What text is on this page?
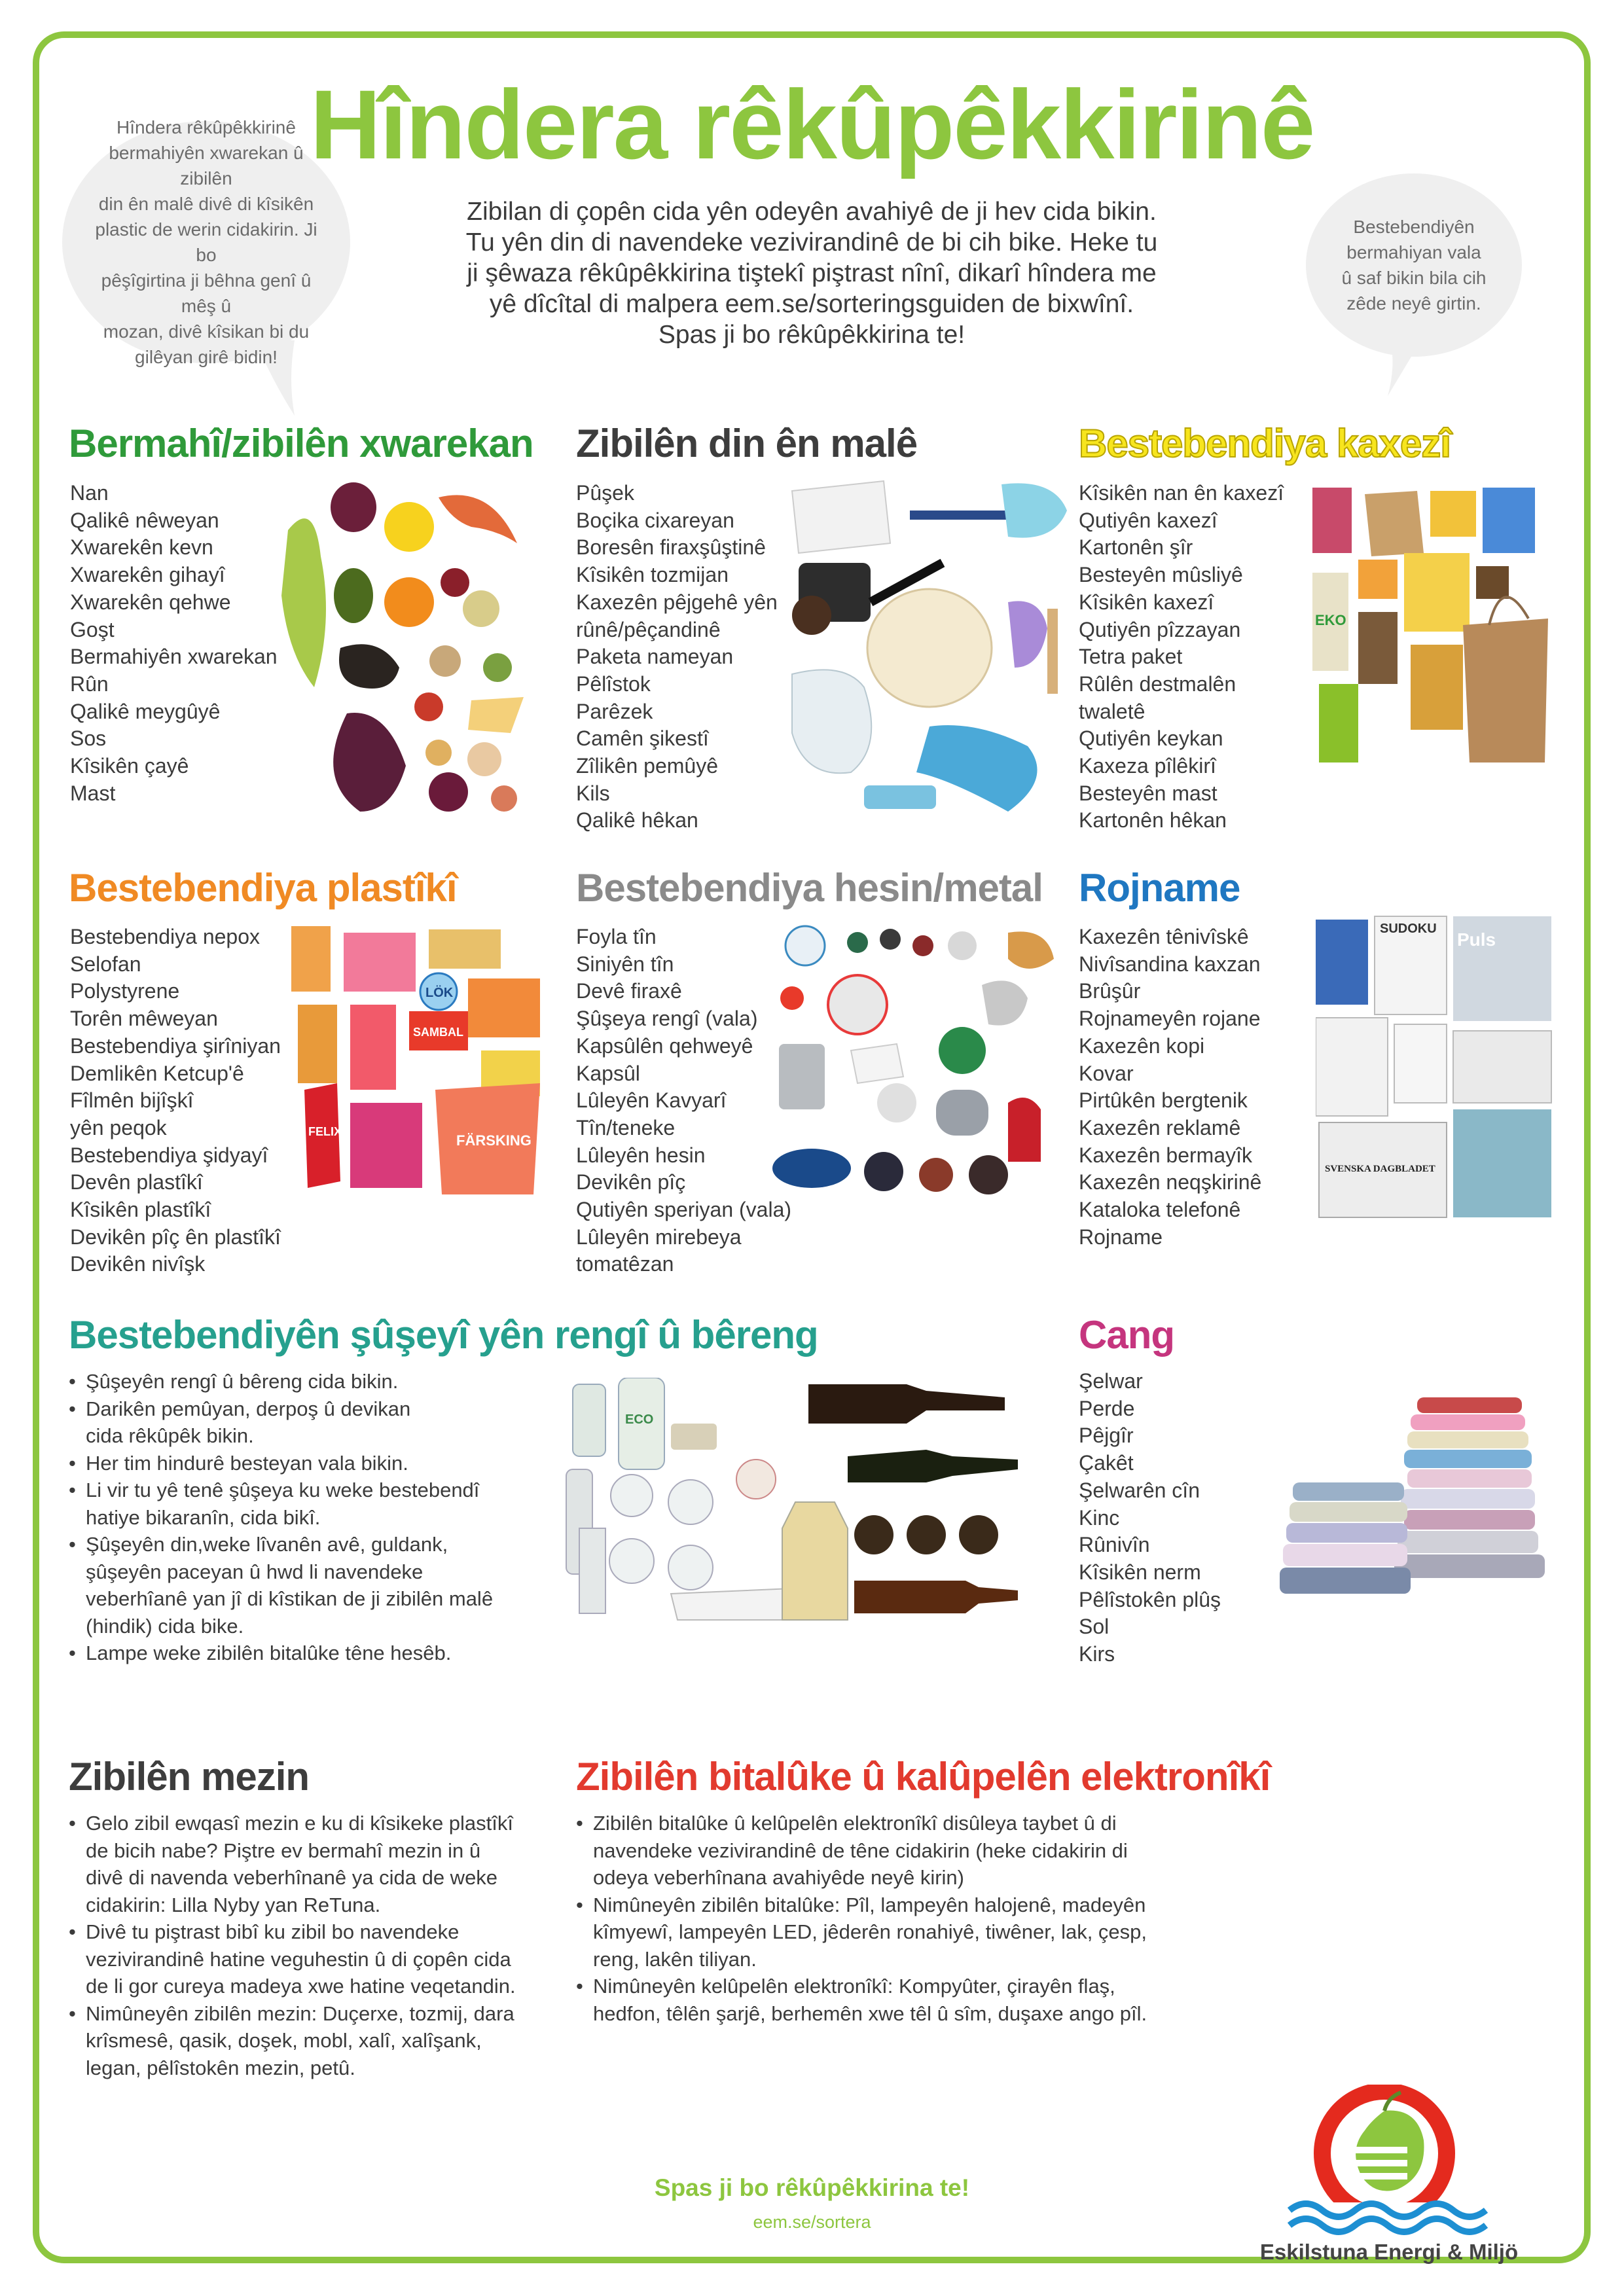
Hîndera rêkûpêkkirinê
Zibilan di çopên cida yên odeyên avahiyê de ji hev cida bikin.
Tu yên din di navendeke vezivirandinê de bi cih bike. Heke tu
ji şêwaza rêkûpêkkirina tiştekî piştrast nînî, dikarî hîndera me
yê dîcîtal di malpera eem.se/sorteringsguiden de bixwînî.
Spas ji bo rêkûpêkkirina te!
Hîndera rêkûpêkkirinê
bermahiyên xwarekan û zibilên
din ên malê divê di kîsikên
plastic de werin cidakirin. Ji bo
pêşîgirtina ji bêhna genî û mêş û
mozan, divê kîsikan bi du
gilêyan girê bidin!
Bestebendiyên
bermahiyan vala
û saf bikin bila cih
zêde neyê girtin.
Bermahî/zibilên xwarekan
Nan
Qalikê nêweyan
Xwarekên kevn
Xwarekên gihayî
Xwarekên qehwe
Goşt
Bermahiyên xwarekan
Rûn
Qalikê meygûyê
Sos
Kîsikên çayê
Mast
Zibilên din ên malê
Pûşek
Boçika cixareyan
Boresên firaxşûştinê
Kîsikên tozmijan
Kaxezên pêjgehê yên
rûnê/pêçandinê
Paketa nameyan
Pêlîstok
Parêzek
Camên şikestî
Zîlikên pemûyê
Kils
Qalikê hêkan
Bestebendiya kaxezî
Kîsikên nan ên kaxezî
Qutiyên kaxezî
Kartonên şîr
Besteyên mûsliyê
Kîsikên kaxezî
Qutiyên pîzzayan
Tetra paket
Rûlên destmalên
twaletê
Qutiyên keykan
Kaxeza pîlêkirî
Besteyên mast
Kartonên hêkan
EKO
Bestebendiya plastîkî
Bestebendiya nepox
Selofan
Polystyrene
Torên mêweyan
Bestebendiya şirîniyan
Demlikên Ketcup'ê
Fîlmên bijîşkî
yên peqok
Bestebendiya şidyayî
Devên plastîkî
Kîsikên plastîkî
Devikên pîç ên plastîkî
Devikên nivîşk
LÖK
SAMBAL
FELIX
FÄRSKING
Bestebendiya hesin/metal
Foyla tîn
Siniyên tîn
Devê firaxê
Şûşeya rengî (vala)
Kapsûlên qehweyê
Kapsûl
Lûleyên Kavyarî
Tîn/teneke
Lûleyên hesin
Devikên pîç
Qutiyên speriyan (vala)
Lûleyên mirebeya
tomatêzan
Rojname
Kaxezên tênivîskê
Nivîsandina kaxzan
Brûşûr
Rojnameyên rojane
Kaxezên kopi
Kovar
Pirtûkên bergtenik
Kaxezên reklamê
Kaxezên bermayîk
Kaxezên neqşkirinê
Kataloka telefonê
Rojname
SUDOKU
Puls
SVENSKA DAGBLADET
Bestebendiyên şûşeyî yên rengî û bêreng
• Şûşeyên rengî û bêreng cida bikin.
• Darikên pemûyan, derpoş û devikan
cida rêkûpêk bikin.
• Her tim hindurê besteyan vala bikin.
• Li vir tu yê tenê şûşeya ku weke bestebendî
hatiye bikaranîn, cida bikî.
• Şûşeyên din,weke lîvanên avê, guldank,
şûşeyên paceyan û hwd li navendeke
veberhîanê yan jî di kîstikan de ji zibilên malê
(hindik) cida bike.
• Lampe weke zibilên bitalûke têne hesêb.
ECO
Cang
Şelwar
Perde
Pêjgîr
Çakêt
Şelwarên cîn
Kinc
Rûnivîn
Kîsikên nerm
Pêlîstokên plûş
Sol
Kirs
Zibilên mezin
• Gelo zibil ewqasî mezin e ku di kîsikeke plastîkî
de bicih nabe? Piştre ev bermahî mezin in û
divê di navenda veberhînanê ya cida de weke
cidakirin: Lilla Nyby yan ReTuna.
• Divê tu piştrast bibî ku zibil bo navendeke
vezivirandinê hatine veguhestin û di çopên cida
de li gor cureya madeya xwe hatine veqetandin.
• Nimûneyên zibilên mezin: Duçerxe, tozmij, dara
krîsmesê, qasik, doşek, mobl, xalî, xalîşank,
legan, pêlîstokên mezin, petû.
Zibilên bitalûke û kalûpelên elektronîkî
• Zibilên bitalûke û kelûpelên elektronîkî disûleya taybet û di
navendeke vezivirandinê de têne cidakirin (heke cidakirin di
odeya veberhînana avahiyêde neyê kirin)
• Nimûneyên zibilên bitalûke: Pîl, lampeyên halojenê, madeyên
kîmyewî, lampeyên LED, jêderên ronahiyê, tiwêner, lak, çesp,
reng, lakên tiliyan.
• Nimûneyên kelûpelên elektronîkî: Kompyûter, çirayên flaş,
hedfon, têlên şarjê, berhemên xwe têl û sîm, duşaxe ango pîl.
Spas ji bo rêkûpêkkirina te!
eem.se/sortera
Eskilstuna Energi & Miljö
